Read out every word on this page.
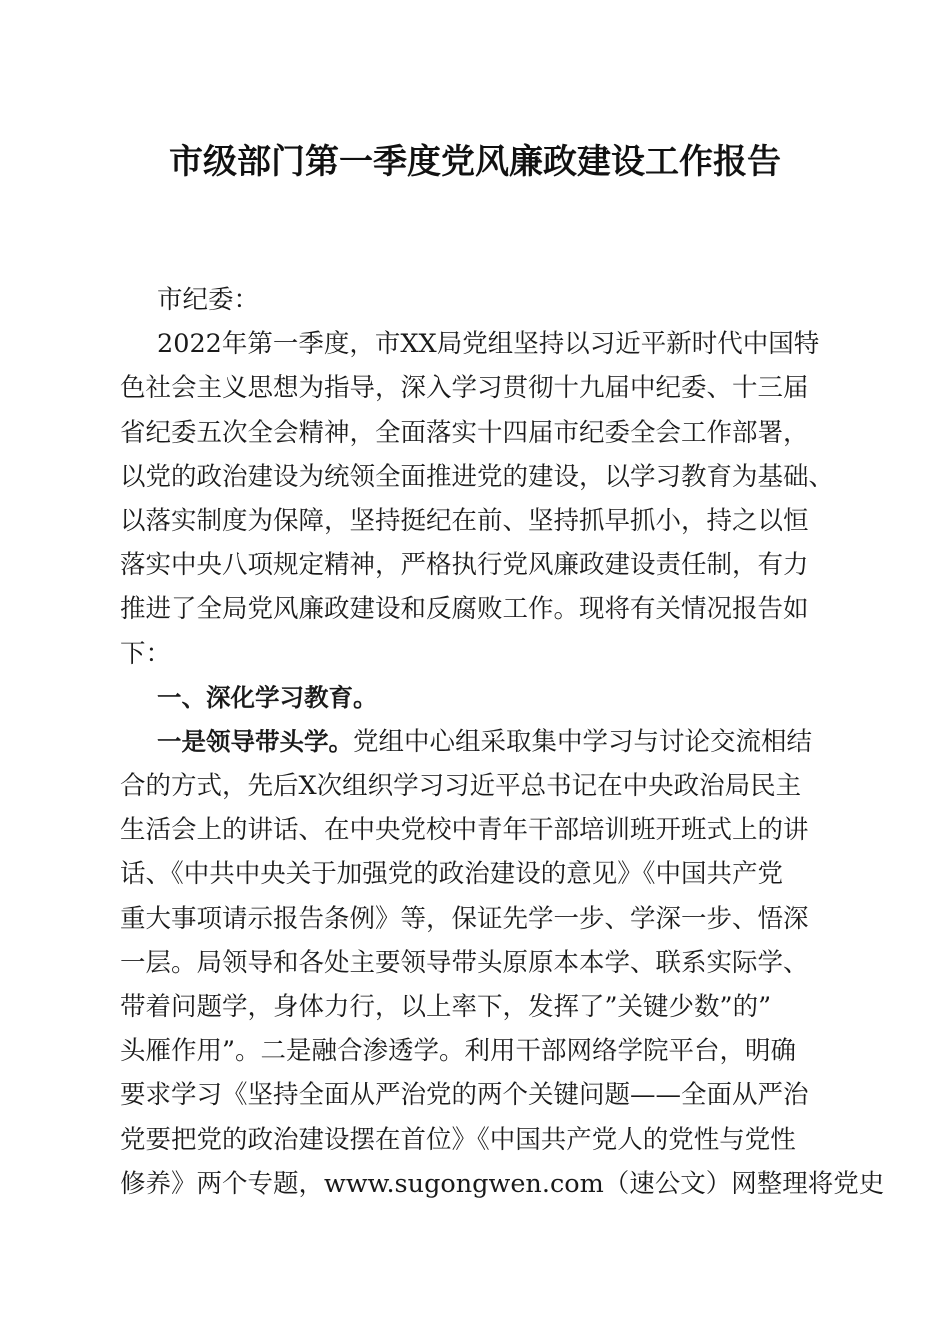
市级部门第一季度党风廉政建设工作报告
市纪委：
2022年第一季度，市XX局党组坚持以习近平新时代中国特
色社会主义思想为指导，深入学习贯彻十九届中纪委、十三届
省纪委五次全会精神，全面落实十四届市纪委全会工作部署，
以党的政治建设为统领全面推进党的建设，以学习教育为基础、
以落实制度为保障，坚持挺纪在前、坚持抓早抓小，持之以恒
落实中央八项规定精神，严格执行党风廉政建设责任制，有力
推进了全局党风廉政建设和反腐败工作。现将有关情况报告如
下：
一、深化学习教育。
一是领导带头学。党组中心组采取集中学习与讨论交流相结
合的方式，先后X次组织学习习近平总书记在中央政治局民主
生活会上的讲话、在中央党校中青年干部培训班开班式上的讲
话、《中共中央关于加强党的政治建设的意见》《中国共产党
重大事项请示报告条例》等，保证先学一步、学深一步、悟深
一层。局领导和各处主要领导带头原原本本学、联系实际学、
带着问题学，身体力行，以上率下，发挥了”关键少数”的”
头雁作用”。二是融合渗透学。利用干部网络学院平台，明确
要求学习《坚持全面从严治党的两个关键问题——全面从严治
党要把党的政治建设摆在首位》《中国共产党人的党性与党性
修养》两个专题，www.sugongwen.com（速公文）网整理将党史
